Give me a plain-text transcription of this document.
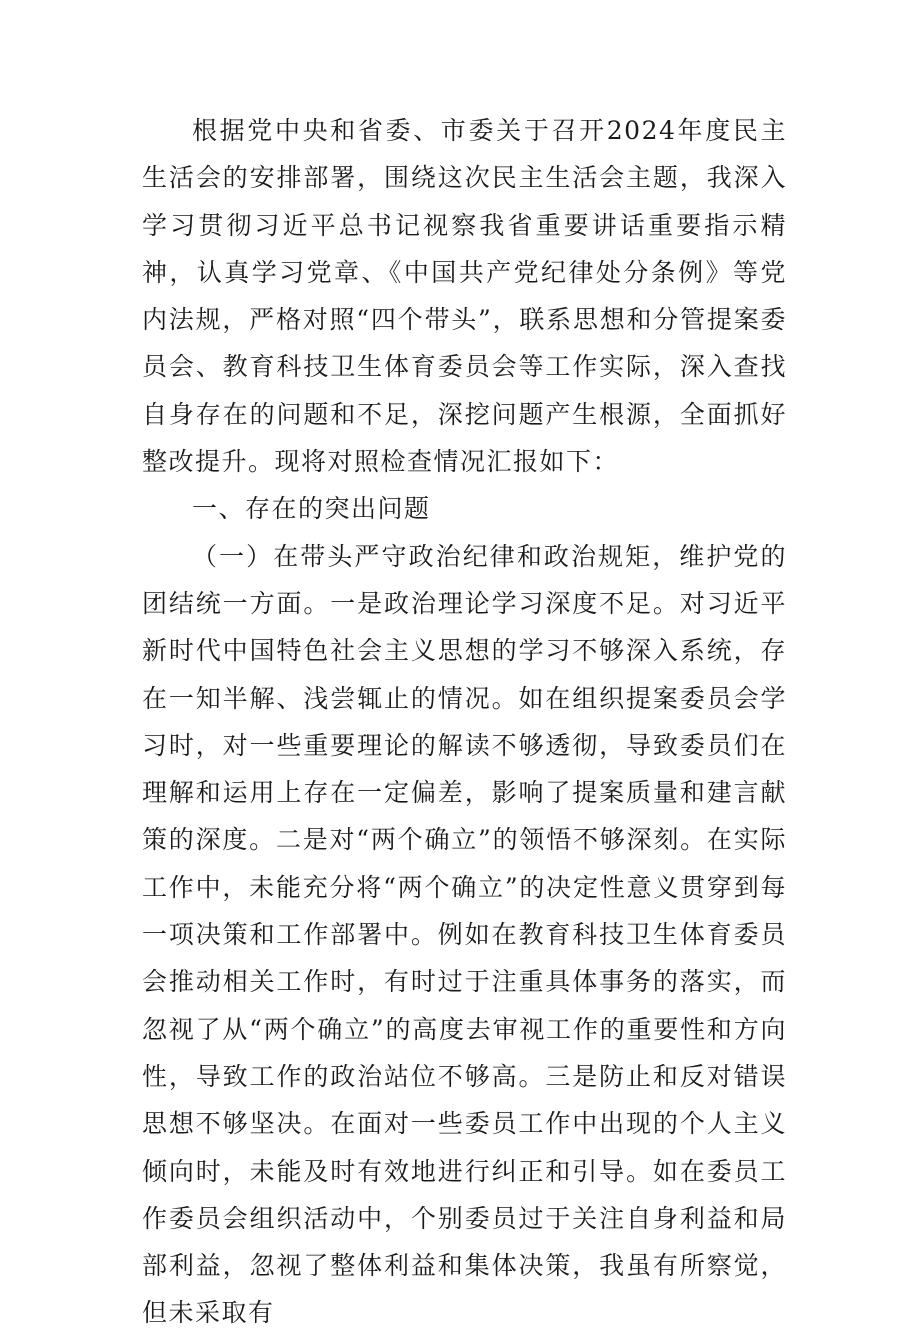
根据党中央和省委、市委关于召开2024年度民主生活会的安排部署，围绕这次民主生活会主题，我深入学习贯彻习近平总书记视察我省重要讲话重要指示精神，认真学习党章、《中国共产党纪律处分条例》等党内法规，严格对照“四个带头”，联系思想和分管提案委员会、教育科技卫生体育委员会等工作实际，深入查找自身存在的问题和不足，深挖问题产生根源，全面抓好整改提升。现将对照检查情况汇报如下：

一、存在的突出问题

（一）在带头严守政治纪律和政治规矩，维护党的团结统一方面。一是政治理论学习深度不足。对习近平新时代中国特色社会主义思想的学习不够深入系统，存在一知半解、浅尝辄止的情况。如在组织提案委员会学习时，对一些重要理论的解读不够透彻，导致委员们在理解和运用上存在一定偏差，影响了提案质量和建言献策的深度。二是对“两个确立”的领悟不够深刻。在实际工作中，未能充分将“两个确立”的决定性意义贯穿到每一项决策和工作部署中。例如在教育科技卫生体育委员会推动相关工作时，有时过于注重具体事务的落实，而忽视了从“两个确立”的高度去审视工作的重要性和方向性，导致工作的政治站位不够高。三是防止和反对错误思想不够坚决。在面对一些委员工作中出现的个人主义倾向时，未能及时有效地进行纠正和引导。如在委员工作委员会组织活动中，个别委员过于关注自身利益和局部利益，忽视了整体利益和集体决策，我虽有所察觉，但未采取有
